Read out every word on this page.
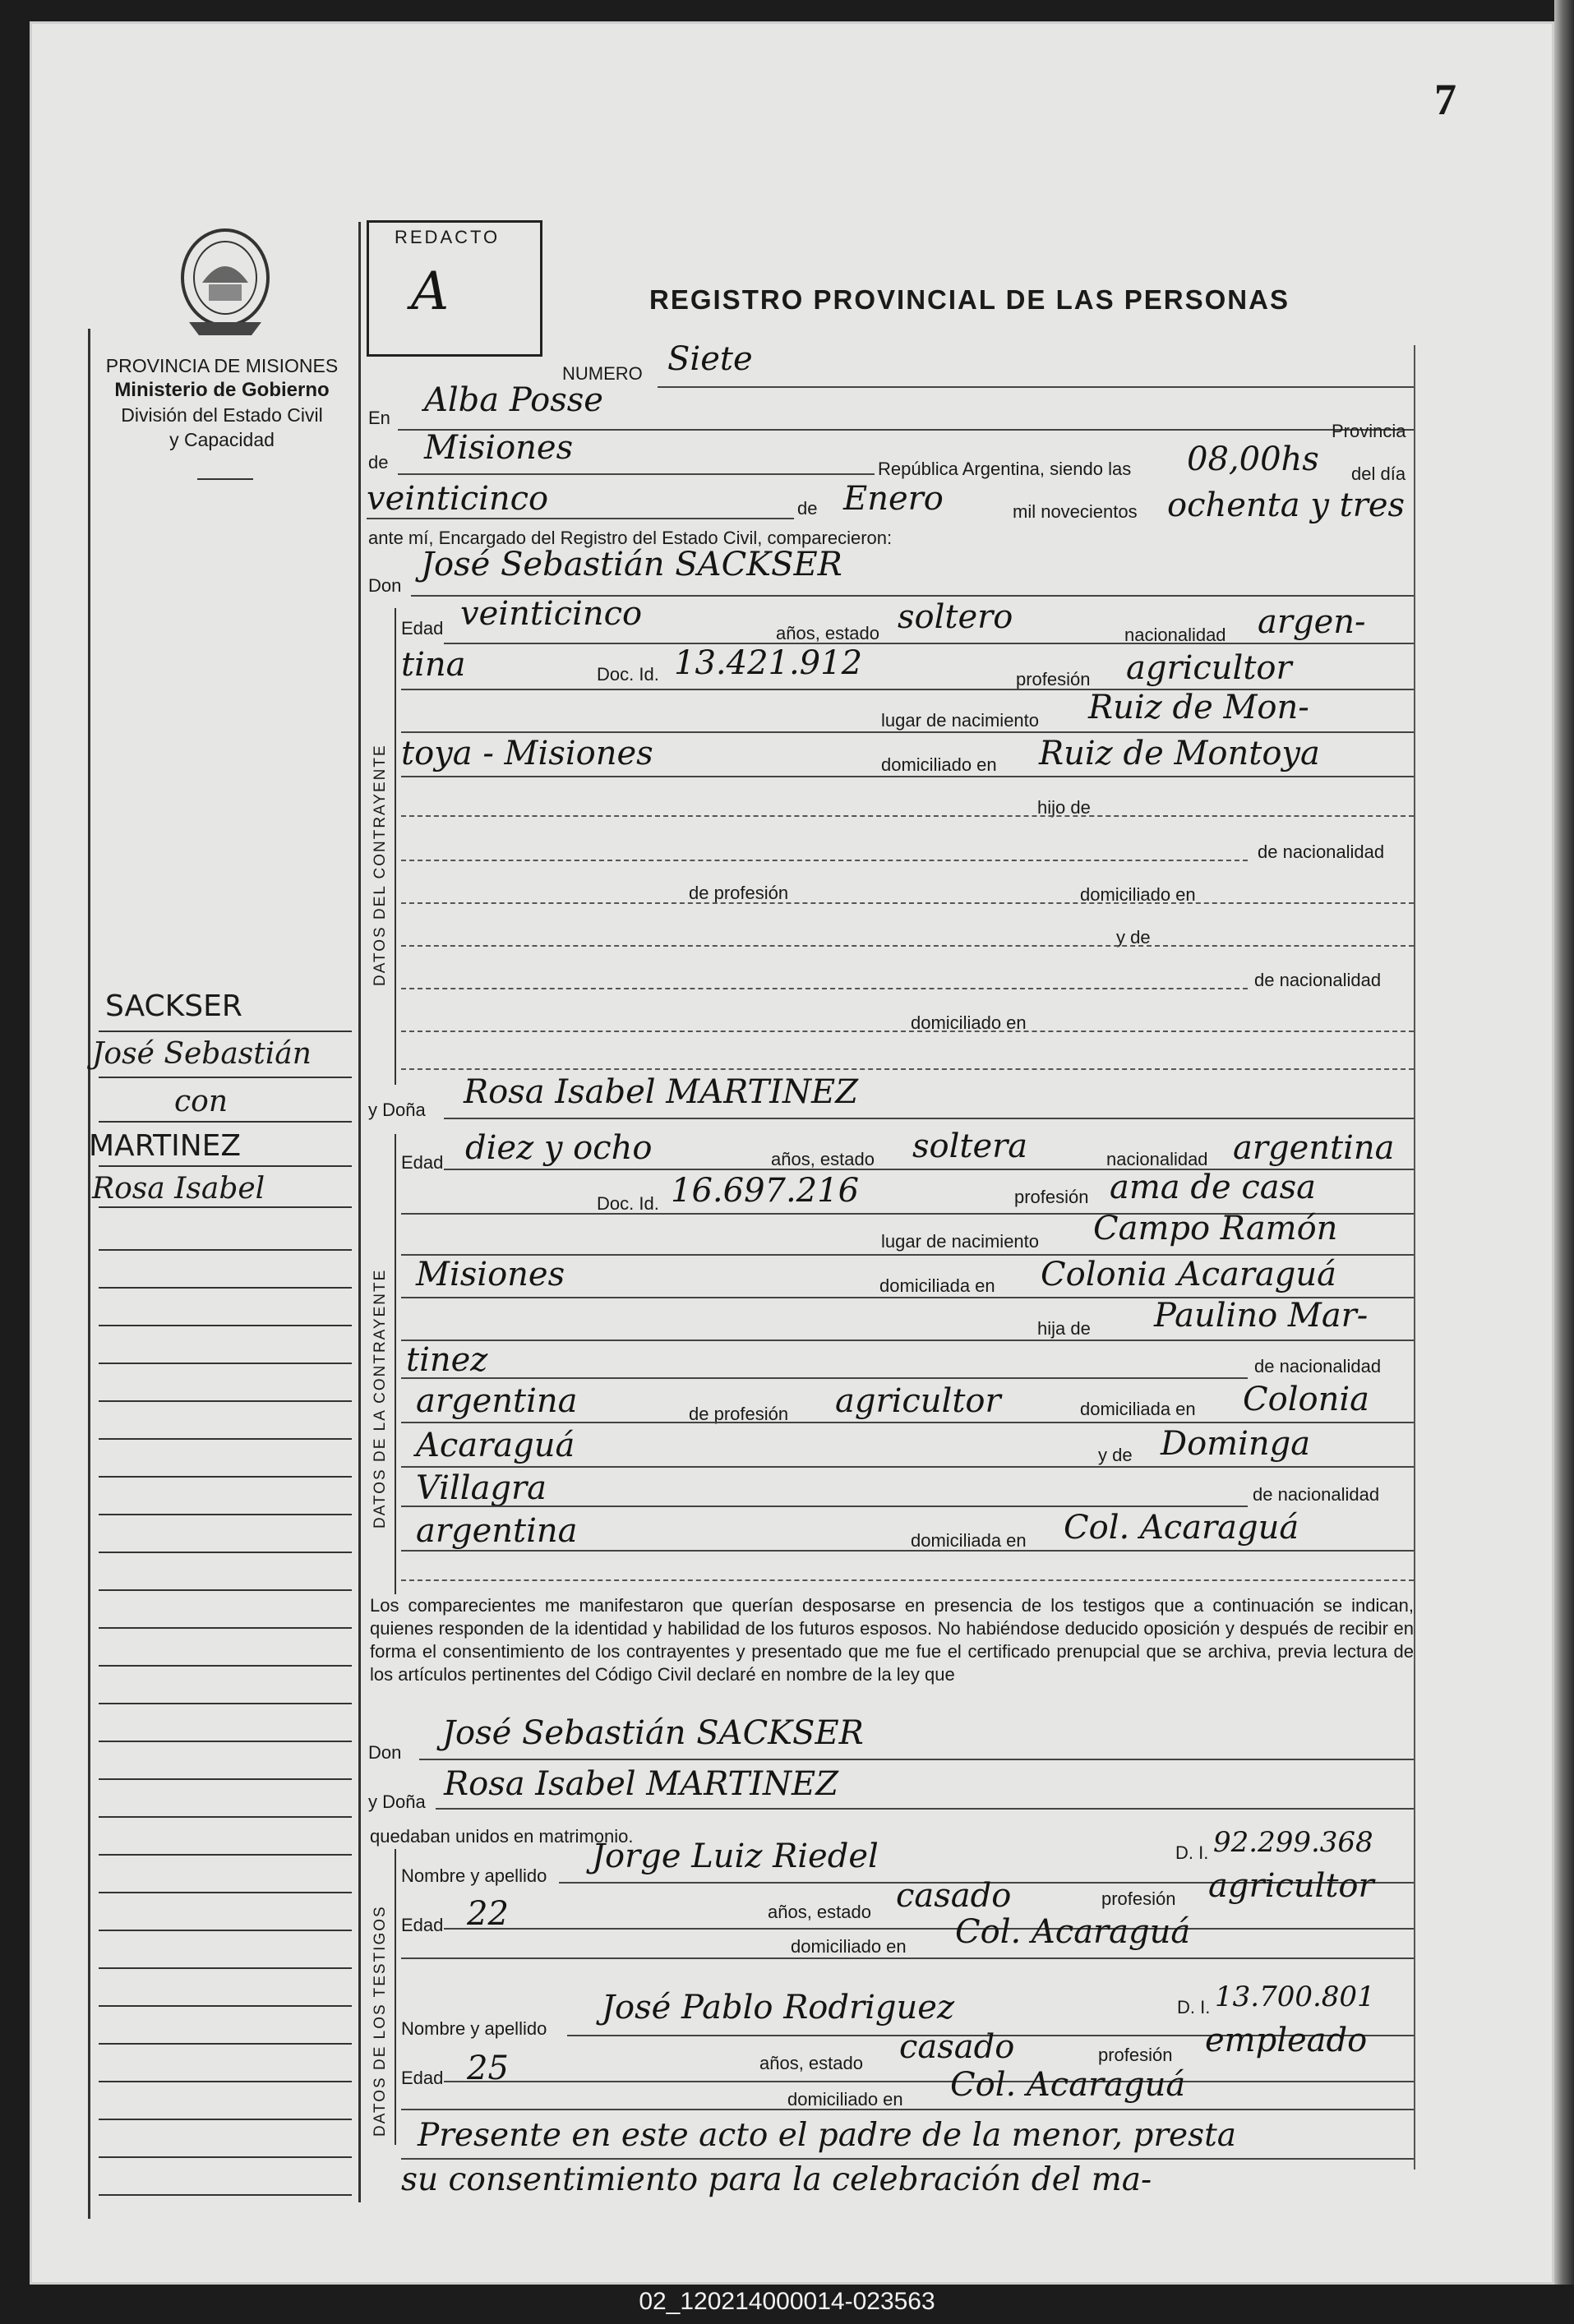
7
PROVINCIA DE MISIONES
Ministerio de Gobierno
División del Estado Civil
y Capacidad
REDACTO
A	REGISTRO PROVINCIAL DE LAS PERSONAS
NUMERO Siete
En Alba Posse
Provincia
de Misiones
República Argentina, siendo las 08,00hs del día
veinticinco	de Enero	mil novecientos ochenta y tres
ante mí, Encargado del Registro del Estado Civil, comparecieron:
Don
José Sebastián SACKSER
DATOS DEL CONTRAYENTE
Edad veinticinco
años, estado soltero	nacionalidad argen-
tina	Doc. Id. 13.421.912	profesión agricultor
lugar de nacimiento Ruiz de Mon-
toya - Misiones	domiciliado en Ruiz de Montoya
hijo de
de nacionalidad
de profesión	domiciliado en
y de
de nacionalidad
domiciliado en
y Doña Rosa Isabel MARTINEZ
DATOS DE LA CONTRAYENTE
Edad diez y ocho	años, estado soltera	nacionalidad argentina
Doc. Id. 16.697.216	profesión ama de casa
lugar de nacimiento Campo Ramón
Misiones	domiciliada en Colonia Acaraguá
hija de Paulino Mar-
tinez	de nacionalidad
argentina	de profesión agricultor	domiciliada en Colonia
Acaraguá	y de Dominga
Villagra	de nacionalidad
argentina	domiciliada en Col. Acaraguá
Los comparecientes me manifestaron que querían desposarse en presencia de los testigos que a continuación se indican, quienes responden de la identidad y habilidad de los futuros esposos. No habiéndose deducido oposición y después de recibir en forma el consentimiento de los contrayentes y presentado que me fue el certificado prenupcial que se archiva, previa lectura de los artículos pertinentes del Código Civil declaré en nombre de la ley que
Don
José Sebastián SACKSER
y Doña Rosa Isabel MARTINEZ
quedaban unidos en matrimonio.
DATOS DE LOS TESTIGOS
Nombre y apellido
Jorge Luiz Riedel	D. I. 92.299.368
Edad 22	años, estado casado	profesión agricultor
domiciliado en Col. Acaraguá
Nombre y apellido
José Pablo Rodriguez	D. I. 13.700.801
Edad 25	años, estado casado	profesión empleado
domiciliado en Col. Acaraguá
Presente en este acto el padre de la menor, presta
su consentimiento para la celebración del ma-
SACKSER
José Sebastián
con
MARTINEZ
Rosa Isabel
02_120214000014-023563
